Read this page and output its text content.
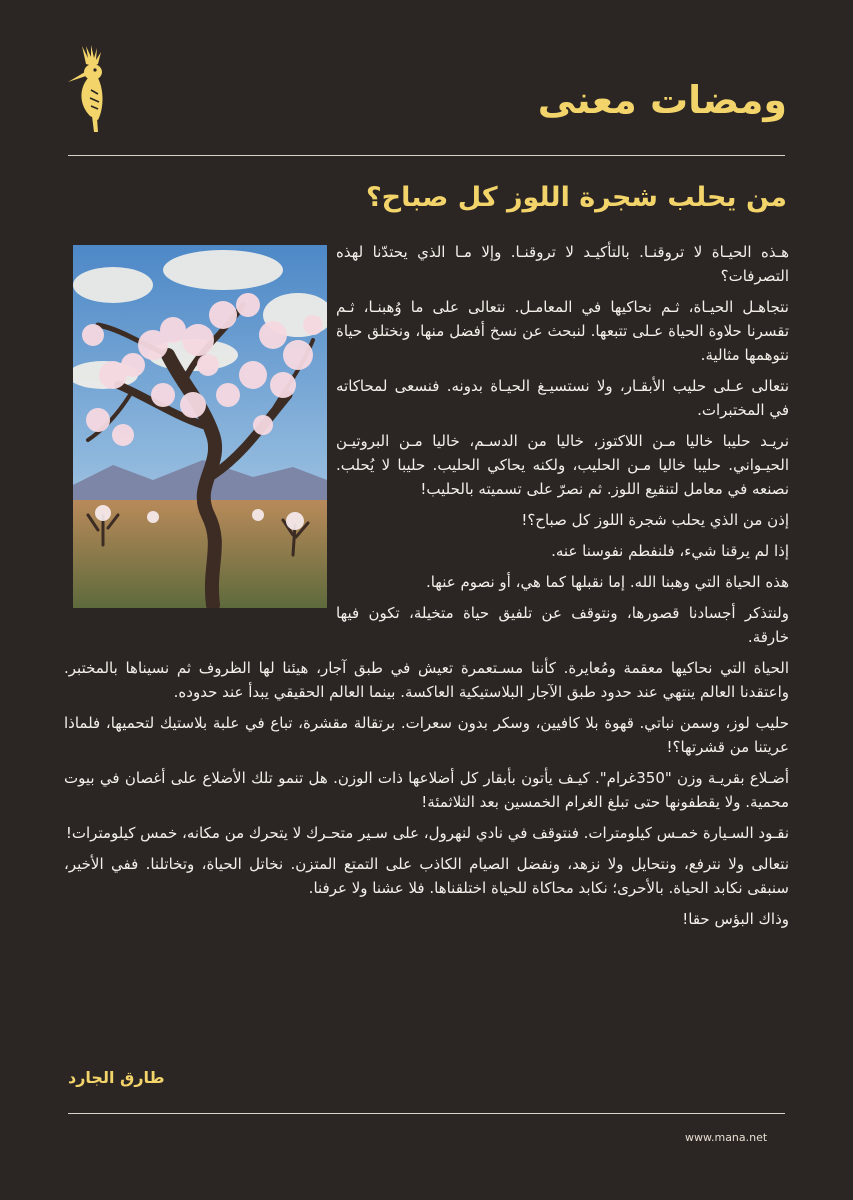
ومضات معنى
من يحلب شجرة اللوز كل صباح؟

هـذه الحيـاة لا تروقنـا. بالتأكيـد لا تروقنـا. وإلا مـا الذي يحتدّنا لهذه التصرفات؟

نتجاهـل الحيـاة، ثـم نحاكيها في المعامـل. نتعالى على ما وُهبنـا، ثـم تقسرنا حلاوة الحياة عـلى تتبعها. لنبحث عن نسخ أفضل منها، ونختلق حياة نتوهمها مثالية.

نتعالى عـلى حليب الأبقـار، ولا نستسيـغ الحيـاة بدونه. فنسعى لمحاكاته في المختبرات.

نريـد حليبا خاليا مـن اللاكتوز، خاليا من الدسـم، خاليا مـن البروتيـن الحيـواني. حليبا خاليا مـن الحليب، ولكنه يحاكي الحليب. حليبا لا يُحلب. نصنعه في معامل لتنقيع اللوز. ثم نصرّ على تسميته بالحليب!

إذن من الذي يحلب شجرة اللوز كل صباح؟!

إذا لم يرقنا شيء، فلنفطم نفوسنا عنه.

هذه الحياة التي وهبنا الله. إما نقبلها كما هي، أو نصوم عنها.

ولنتذكر أجسادنا قصورها، ونتوقف عن تلفيق حياة متخيلة، تكون فيها خارقة.

الحياة التي نحاكيها معقمة ومُعايرة. كأننا مسـتعمرة تعيش في طبق آجار، هيئنا لها الظروف ثم نسيناها بالمختبر. واعتقدنا العالم ينتهي عند حدود طبق الآجار البلاستيكية العاكسة. بينما العالم الحقيقي يبدأ عند حدوده.

حليب لوز، وسمن نباتي. قهوة بلا كافيين، وسكر بدون سعرات. برتقالة مقشرة، تباع في علبة بلاستيك لتحميها، فلماذا عريتنا من قشرتها؟!

أضـلاع بقريـة وزن "350غرام". كيـف يأتون بأبقار كل أضلاعها ذات الوزن. هل تنمو تلك الأضلاع على أغصان في بيوت محمية. ولا يقطفونها حتى تبلغ الغرام الخمسين بعد الثلاثمئة!

نقـود السـيارة خمـس كيلومترات. فنتوقف في نادي لنهرول، على سـير متحـرك لا يتحرك من مكانه، خمس كيلومترات!

نتعالى ولا نترفع، ونتحايل ولا نزهد، ونفضل الصيام الكاذب على التمتع المتزن. نخاتل الحياة، وتخاتلنا. ففي الأخير، سنبقى نكابد الحياة. بالأحرى؛ نكابد محاكاة للحياة اختلقناها. فلا عشنا ولا عرفنا.

وذاك البؤس حقا!

طارق الجارد
www.mana.net
